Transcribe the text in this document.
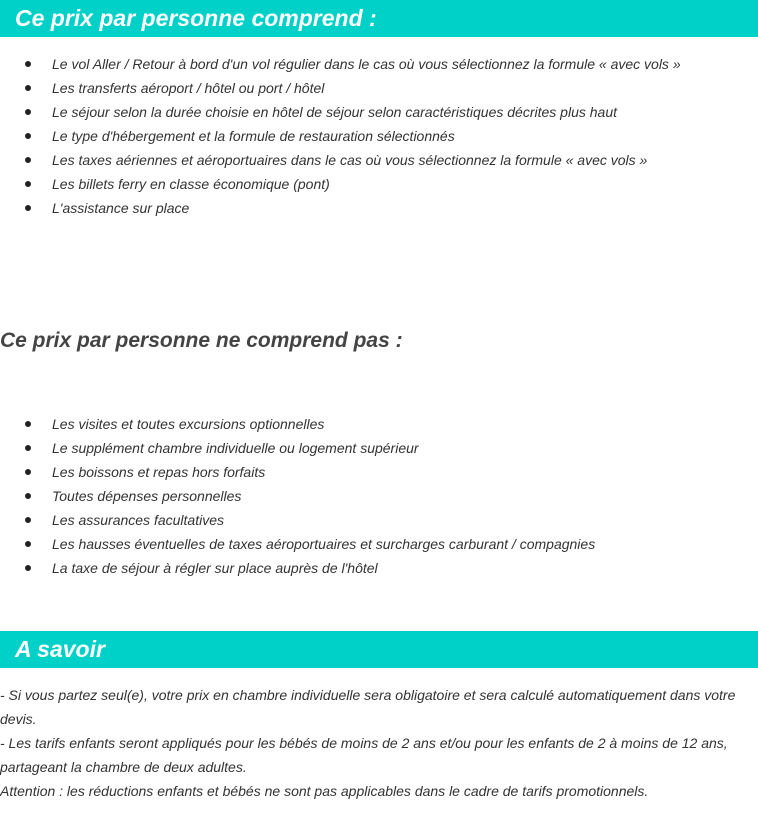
Ce prix par personne comprend :
Le vol Aller / Retour à bord d'un vol régulier dans le cas où vous sélectionnez la formule « avec vols »
Les transferts aéroport / hôtel ou port / hôtel
Le séjour selon la durée choisie en hôtel de séjour selon caractéristiques décrites plus haut
Le type d'hébergement et la formule de restauration sélectionnés
Les taxes aériennes et aéroportuaires dans le cas où vous sélectionnez la formule « avec vols »
Les billets ferry en classe économique (pont)
L'assistance sur place
Ce prix par personne ne comprend pas :
Les visites et toutes excursions optionnelles
Le supplément chambre individuelle ou logement supérieur
Les boissons et repas hors forfaits
Toutes dépenses personnelles
Les assurances facultatives
Les hausses éventuelles de taxes aéroportuaires et surcharges carburant / compagnies
La taxe de séjour à régler sur place auprès de l'hôtel
A savoir

- Si vous partez seul(e), votre prix en chambre individuelle sera obligatoire et sera calculé automatiquement dans votre devis.

- Les tarifs enfants seront appliqués pour les bébés de moins de 2 ans et/ou pour les enfants de 2 à moins de 12 ans, partageant la chambre de deux adultes.

Attention : les réductions enfants et bébés ne sont pas applicables dans le cadre de tarifs promotionnels.
